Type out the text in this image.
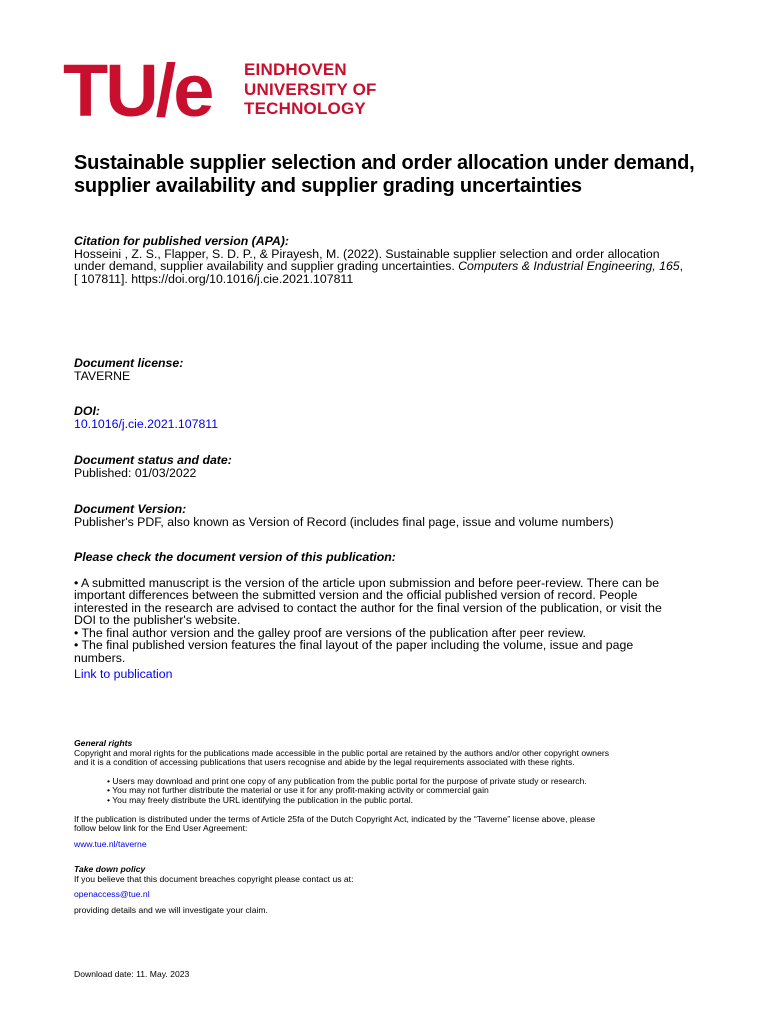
TU/e EINDHOVEN
UNIVERSITY OF
TECHNOLOGY
Sustainable supplier selection and order allocation under demand, supplier availability and supplier grading uncertainties
Citation for published version (APA):
Hosseini , Z. S., Flapper, S. D. P., & Pirayesh, M. (2022). Sustainable supplier selection and order allocation
under demand, supplier availability and supplier grading uncertainties. Computers & Industrial Engineering, 165,
[ 107811]. https://doi.org/10.1016/j.cie.2021.107811
Document license:
TAVERNE
DOI:
10.1016/j.cie.2021.107811
Document status and date:
Published: 01/03/2022
Document Version:
Publisher's PDF, also known as Version of Record (includes final page, issue and volume numbers)
Please check the document version of this publication:
• A submitted manuscript is the version of the article upon submission and before peer-review. There can be
important differences between the submitted version and the official published version of record. People
interested in the research are advised to contact the author for the final version of the publication, or visit the
DOI to the publisher's website.
• The final author version and the galley proof are versions of the publication after peer review.
• The final published version features the final layout of the paper including the volume, issue and page
numbers.
Link to publication
General rights
Copyright and moral rights for the publications made accessible in the public portal are retained by the authors and/or other copyright owners
and it is a condition of accessing publications that users recognise and abide by the legal requirements associated with these rights.
• Users may download and print one copy of any publication from the public portal for the purpose of private study or research.
• You may not further distribute the material or use it for any profit-making activity or commercial gain
• You may freely distribute the URL identifying the publication in the public portal.
If the publication is distributed under the terms of Article 25fa of the Dutch Copyright Act, indicated by the “Taverne” license above, please
follow below link for the End User Agreement:
www.tue.nl/taverne
Take down policy
If you believe that this document breaches copyright please contact us at:
openaccess@tue.nl
providing details and we will investigate your claim.
Download date: 11. May. 2023
